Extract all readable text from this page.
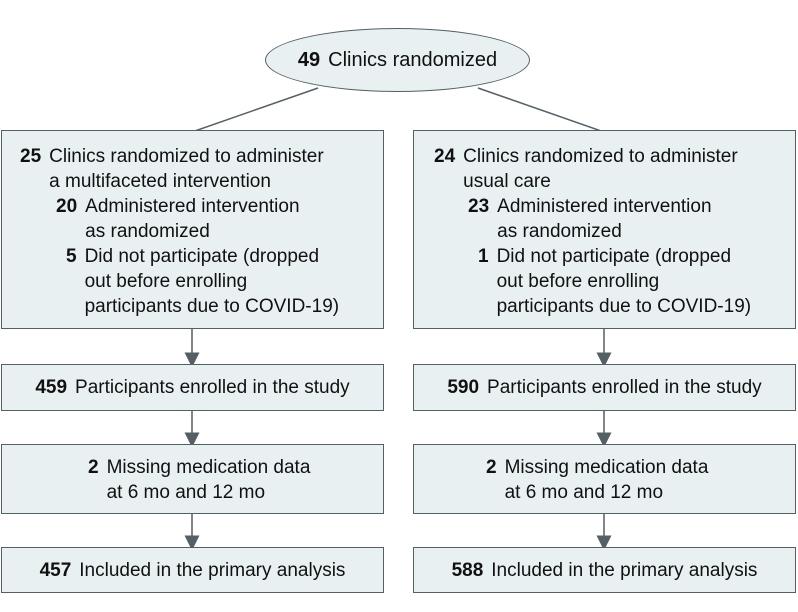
49 Clinics randomized
25 Clinics randomized to administer
a multifaceted intervention
20 Administered intervention
as randomized
5 Did not participate (dropped
out before enrolling
participants due to COVID-19)
24 Clinics randomized to administer
usual care
23 Administered intervention
as randomized
1 Did not participate (dropped
out before enrolling
participants due to COVID-19)
459 Participants enrolled in the study	590 Participants enrolled in the study
2 Missing medication data
at 6 mo and 12 mo
2 Missing medication data
at 6 mo and 12 mo
457 Included in the primary analysis	588 Included in the primary analysis
